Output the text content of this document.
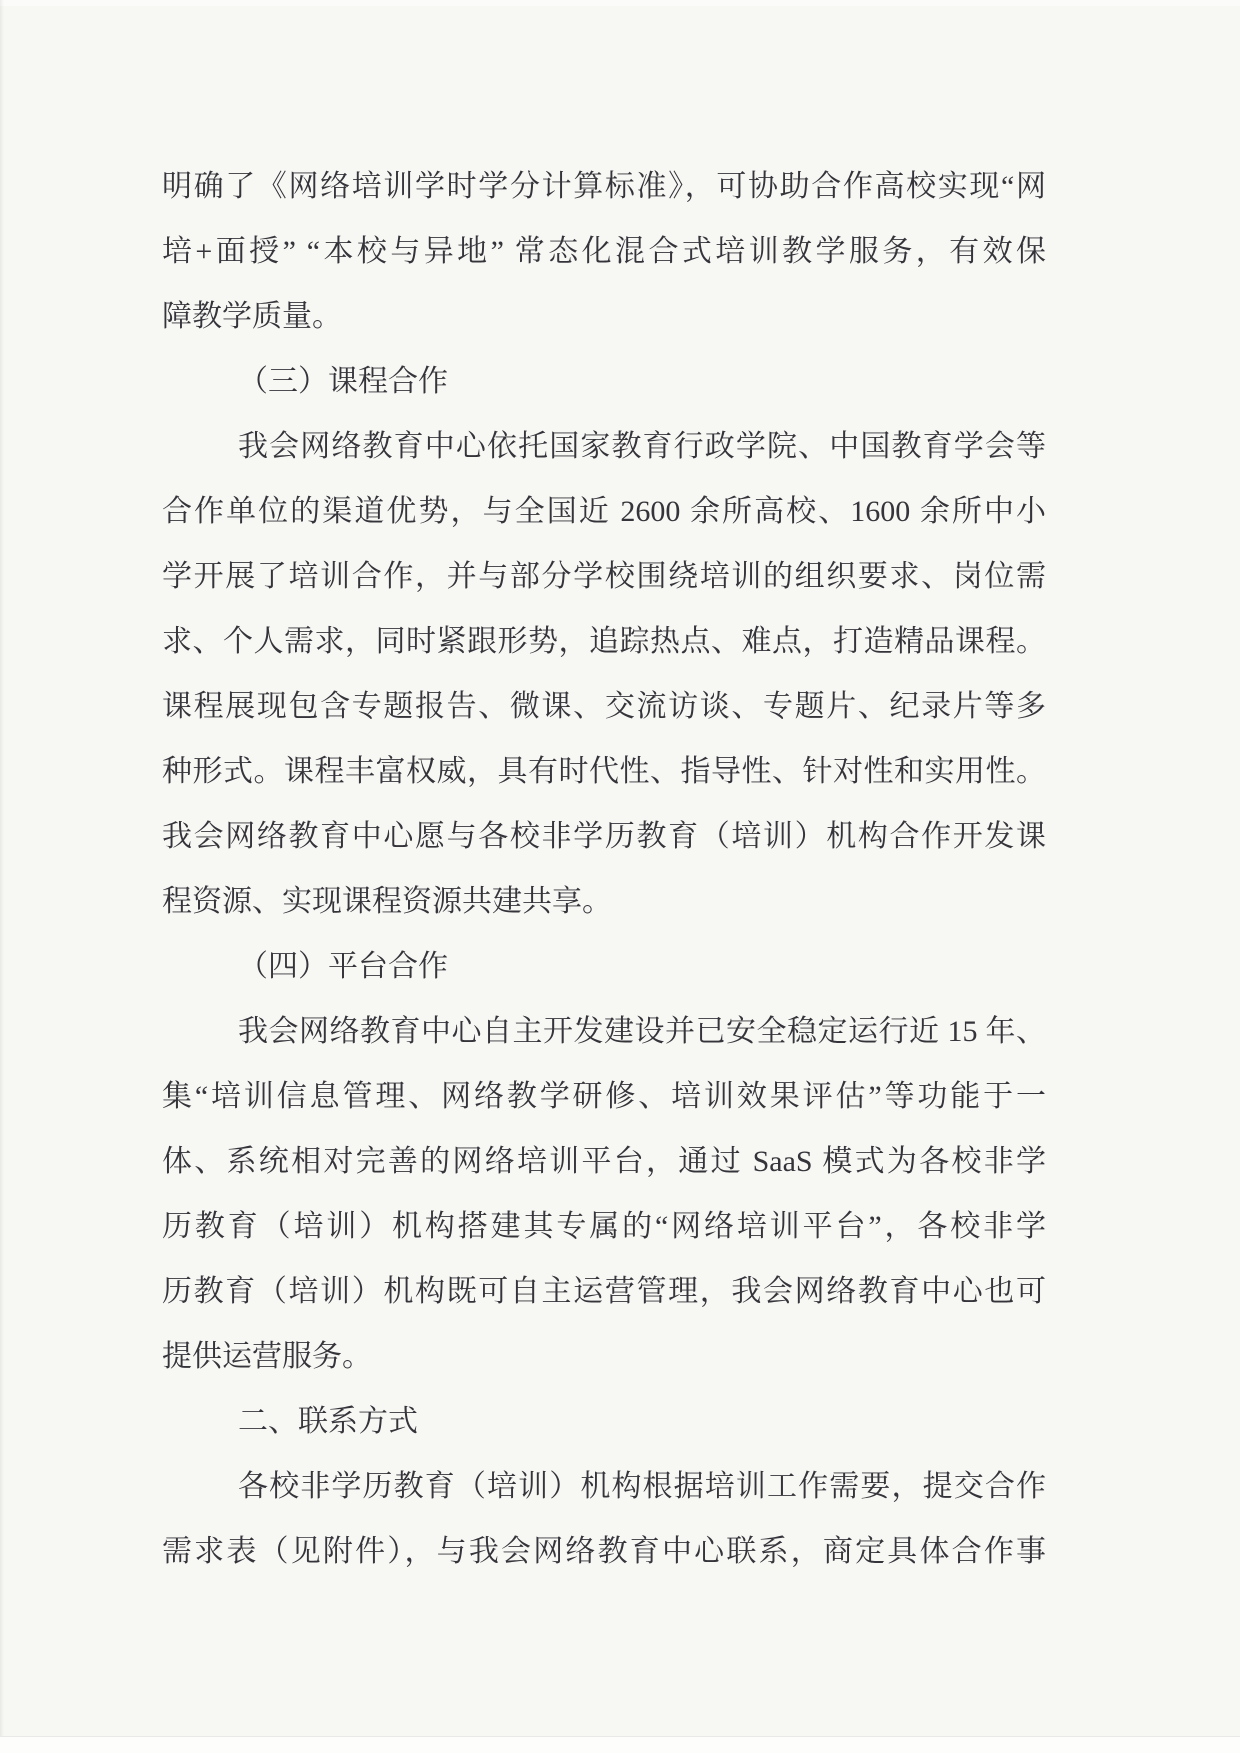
明确了《网络培训学时学分计算标准》，可协助合作高校实现“网
培+面授” “本校与异地” 常态化混合式培训教学服务，有效保
障教学质量。
（三）课程合作
我会网络教育中心依托国家教育行政学院、中国教育学会等
合作单位的渠道优势，与全国近 2600 余所高校、1600 余所中小
学开展了培训合作，并与部分学校围绕培训的组织要求、岗位需
求、个人需求，同时紧跟形势，追踪热点、难点，打造精品课程。
课程展现包含专题报告、微课、交流访谈、专题片、纪录片等多
种形式。课程丰富权威，具有时代性、指导性、针对性和实用性。
我会网络教育中心愿与各校非学历教育（培训）机构合作开发课
程资源、实现课程资源共建共享。
（四）平台合作
我会网络教育中心自主开发建设并已安全稳定运行近 15 年、
集“培训信息管理、网络教学研修、培训效果评估”等功能于一
体、系统相对完善的网络培训平台，通过 SaaS 模式为各校非学
历教育（培训）机构搭建其专属的“网络培训平台”，各校非学
历教育（培训）机构既可自主运营管理，我会网络教育中心也可
提供运营服务。
二、联系方式
各校非学历教育（培训）机构根据培训工作需要，提交合作
需求表（见附件），与我会网络教育中心联系，商定具体合作事
